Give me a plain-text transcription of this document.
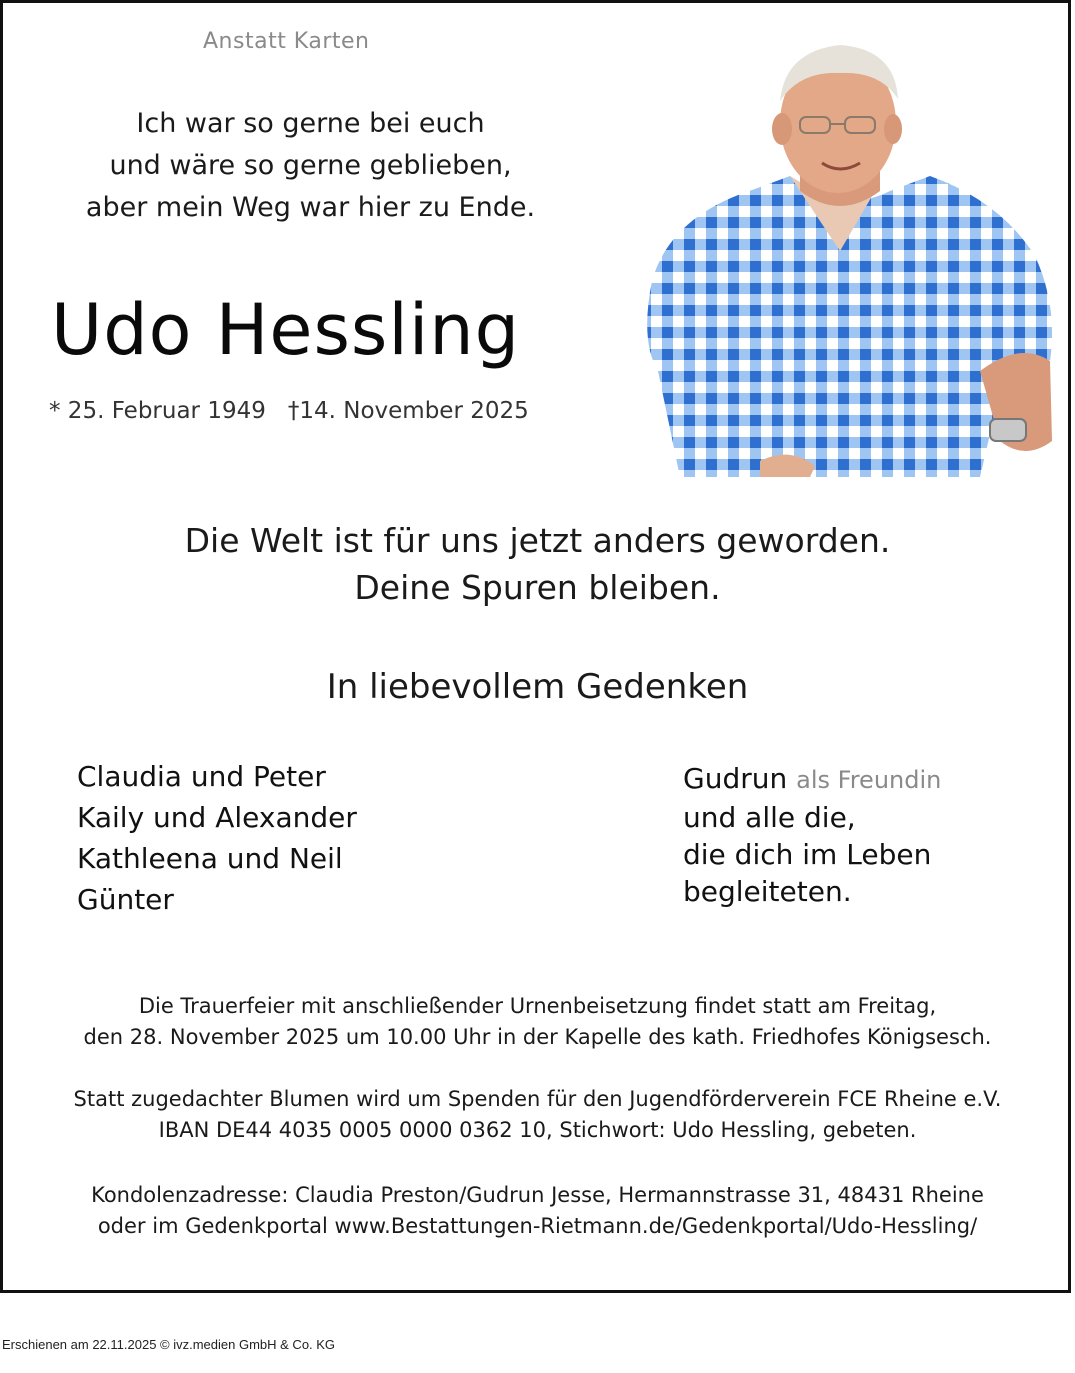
Anstatt Karten
Ich war so gerne bei euch
und wäre so gerne geblieben,
aber mein Weg war hier zu Ende.
Udo Hessling
* 25. Februar 1949 †14. November 2025
Die Welt ist für uns jetzt anders geworden.
Deine Spuren bleiben.
In liebevollem Gedenken
Claudia und Peter
Kaily und Alexander
Kathleena und Neil
Günter
Gudrun als Freundin
und alle die,
die dich im Leben
begleiteten.
Die Trauerfeier mit anschließender Urnenbeisetzung findet statt am Freitag,
den 28. November 2025 um 10.00 Uhr in der Kapelle des kath. Friedhofes Königsesch.
Statt zugedachter Blumen wird um Spenden für den Jugendförderverein FCE Rheine e.V.
IBAN DE44 4035 0005 0000 0362 10, Stichwort: Udo Hessling, gebeten.
Kondolenzadresse: Claudia Preston/Gudrun Jesse, Hermannstrasse 31, 48431 Rheine
oder im Gedenkportal www.Bestattungen-Rietmann.de/Gedenkportal/Udo-Hessling/
Erschienen am 22.11.2025 © ivz.medien GmbH & Co. KG
